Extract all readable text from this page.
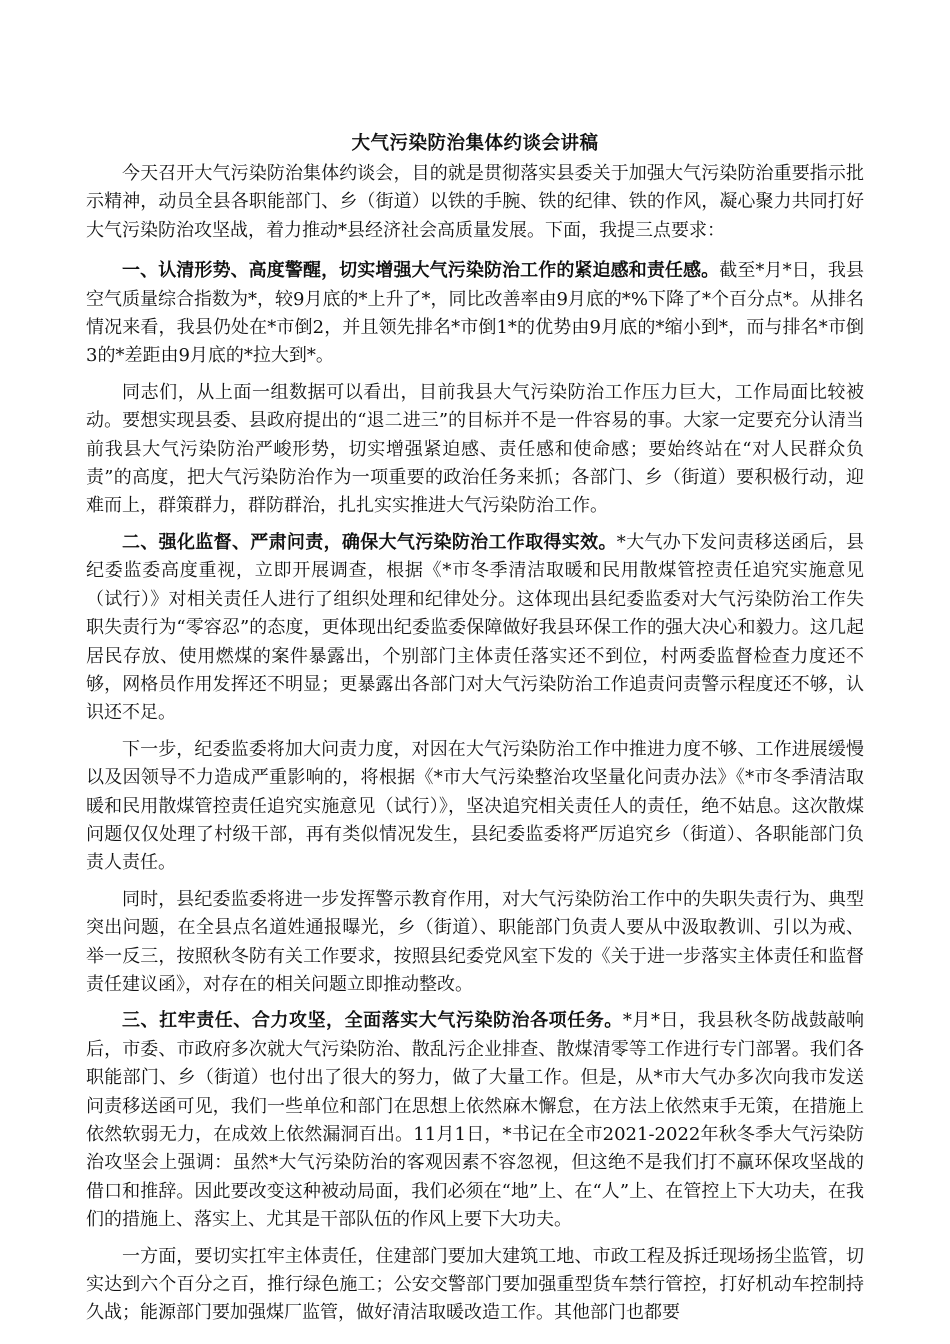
大气污染防治集体约谈会讲稿

今天召开大气污染防治集体约谈会，目的就是贯彻落实县委关于加强大气污染防治重要指示批示精神，动员全县各职能部门、乡（街道）以铁的手腕、铁的纪律、铁的作风，凝心聚力共同打好大气污染防治攻坚战，着力推动*县经济社会高质量发展。下面，我提三点要求：

一、认清形势、高度警醒，切实增强大气污染防治工作的紧迫感和责任感。截至*月*日，我县空气质量综合指数为*，较9月底的*上升了*，同比改善率由9月底的*%下降了*个百分点*。从排名情况来看，我县仍处在*市倒2，并且领先排名*市倒1*的优势由9月底的*缩小到*，而与排名*市倒3的*差距由9月底的*拉大到*。

同志们，从上面一组数据可以看出，目前我县大气污染防治工作压力巨大，工作局面比较被动。要想实现县委、县政府提出的“退二进三”的目标并不是一件容易的事。大家一定要充分认清当前我县大气污染防治严峻形势，切实增强紧迫感、责任感和使命感；要始终站在“对人民群众负责”的高度，把大气污染防治作为一项重要的政治任务来抓；各部门、乡（街道）要积极行动，迎难而上，群策群力，群防群治，扎扎实实推进大气污染防治工作。

二、强化监督、严肃问责，确保大气污染防治工作取得实效。*大气办下发问责移送函后，县纪委监委高度重视，立即开展调查，根据《*市冬季清洁取暖和民用散煤管控责任追究实施意见（试行）》对相关责任人进行了组织处理和纪律处分。这体现出县纪委监委对大气污染防治工作失职失责行为“零容忍”的态度，更体现出纪委监委保障做好我县环保工作的强大决心和毅力。这几起居民存放、使用燃煤的案件暴露出，个别部门主体责任落实还不到位，村两委监督检查力度还不够，网格员作用发挥还不明显；更暴露出各部门对大气污染防治工作追责问责警示程度还不够，认识还不足。

下一步，纪委监委将加大问责力度，对因在大气污染防治工作中推进力度不够、工作进展缓慢以及因领导不力造成严重影响的，将根据《*市大气污染整治攻坚量化问责办法》《*市冬季清洁取暖和民用散煤管控责任追究实施意见（试行）》，坚决追究相关责任人的责任，绝不姑息。这次散煤问题仅仅处理了村级干部，再有类似情况发生，县纪委监委将严厉追究乡（街道）、各职能部门负责人责任。

同时，县纪委监委将进一步发挥警示教育作用，对大气污染防治工作中的失职失责行为、典型突出问题，在全县点名道姓通报曝光，乡（街道）、职能部门负责人要从中汲取教训、引以为戒、举一反三，按照秋冬防有关工作要求，按照县纪委党风室下发的《关于进一步落实主体责任和监督责任建议函》，对存在的相关问题立即推动整改。

三、扛牢责任、合力攻坚，全面落实大气污染防治各项任务。*月*日，我县秋冬防战鼓敲响后，市委、市政府多次就大气污染防治、散乱污企业排查、散煤清零等工作进行专门部署。我们各职能部门、乡（街道）也付出了很大的努力，做了大量工作。但是，从*市大气办多次向我市发送问责移送函可见，我们一些单位和部门在思想上依然麻木懈怠，在方法上依然束手无策，在措施上依然软弱无力，在成效上依然漏洞百出。11月1日，*书记在全市2021-2022年秋冬季大气污染防治攻坚会上强调：虽然*大气污染防治的客观因素不容忽视，但这绝不是我们打不赢环保攻坚战的借口和推辞。因此要改变这种被动局面，我们必须在“地”上、在“人”上、在管控上下大功夫，在我们的措施上、落实上、尤其是干部队伍的作风上要下大功夫。

一方面，要切实扛牢主体责任，住建部门要加大建筑工地、市政工程及拆迁现场扬尘监管，切实达到六个百分之百，推行绿色施工；公安交警部门要加强重型货车禁行管控，打好机动车控制持久战；能源部门要加强煤厂监管，做好清洁取暖改造工作。其他部门也都要
